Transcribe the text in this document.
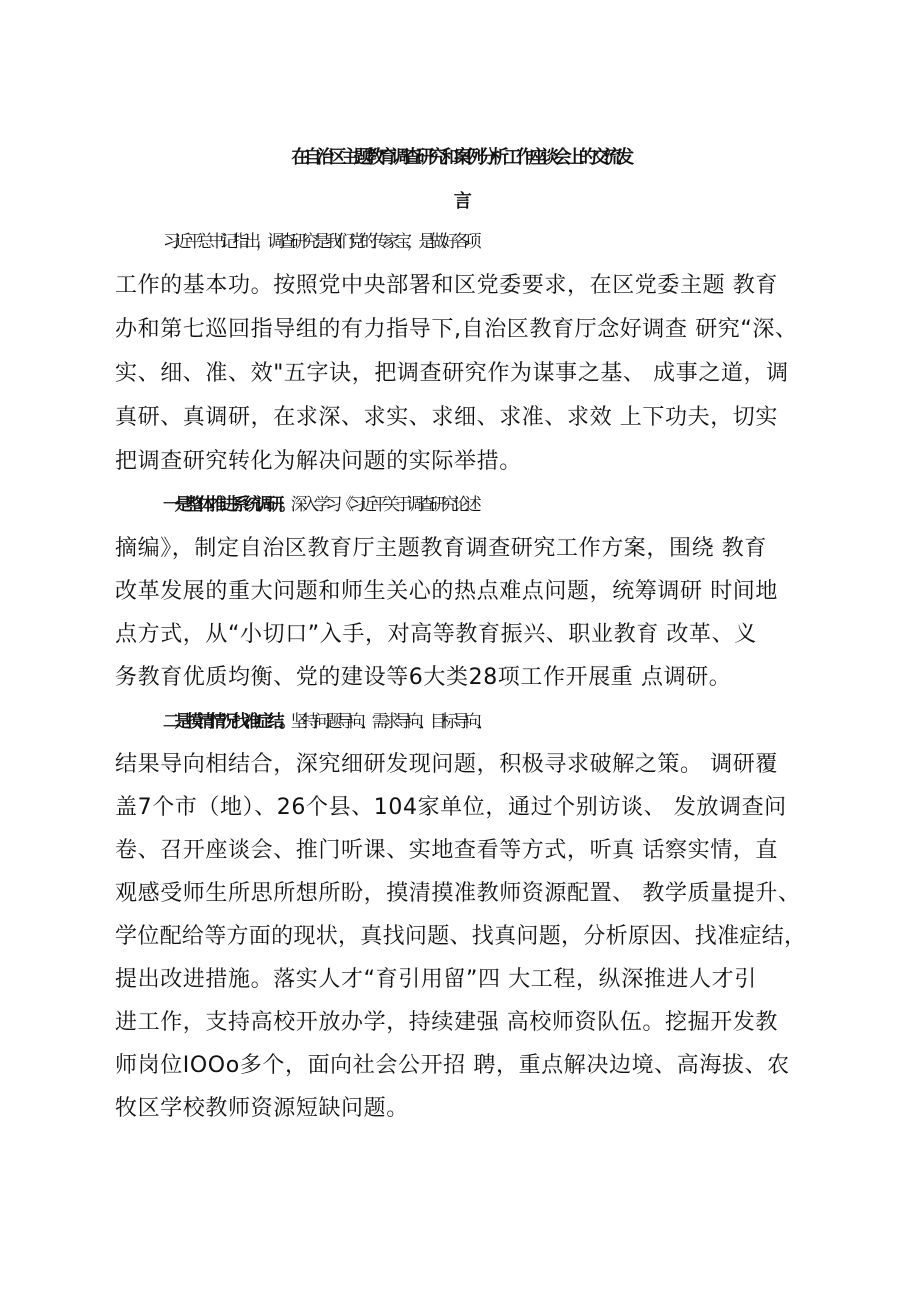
在自治区主题教育调查研究和案例分析工作座谈会上的交流发
言
习近平总书记指出，调查研究是我们党的传家宝，是做好各 项
工作的基本功。按照党中央部署和区党委要求，在区党委主题 教育
办和第七巡回指导组的有力指导下,自治区教育厅念好调查 研究“深、
实、细、准、效"五字诀，把调查研究作为谋事之基、 成事之道，调
真研、真调研，在求深、求实、求细、求准、求效 上下功夫，切实
把调查研究转化为解决问题的实际举措。
一是整体推进系统调研。深入学习《习近平关于调查研究论 述
摘编》，制定自治区教育厅主题教育调查研究工作方案，围绕 教育
改革发展的重大问题和师生关心的热点难点问题，统筹调研 时间地
点方式，从“小切口”入手，对高等教育振兴、职业教育 改革、义
务教育优质均衡、党的建设等6大类28项工作开展重 点调研。
二是摸清情况找准症结。坚持问题导向、需求导向、目标导 向、
结果导向相结合，深究细研发现问题，积极寻求破解之策。 调研覆
盖7个市（地）、26个县、104家单位，通过个别访谈、 发放调查问
卷、召开座谈会、推门听课、实地查看等方式，听真 话察实情，直
观感受师生所思所想所盼，摸清摸准教师资源配置、 教学质量提升、
学位配给等方面的现状，真找问题、找真问题，分析原因、找准症结，
提出改进措施。落实人才“育引用留”四 大工程，纵深推进人才引
进工作，支持高校开放办学，持续建强 高校师资队伍。挖掘开发教
师岗位IOOo多个，面向社会公开招 聘，重点解决边境、高海拔、农
牧区学校教师资源短缺问题。
